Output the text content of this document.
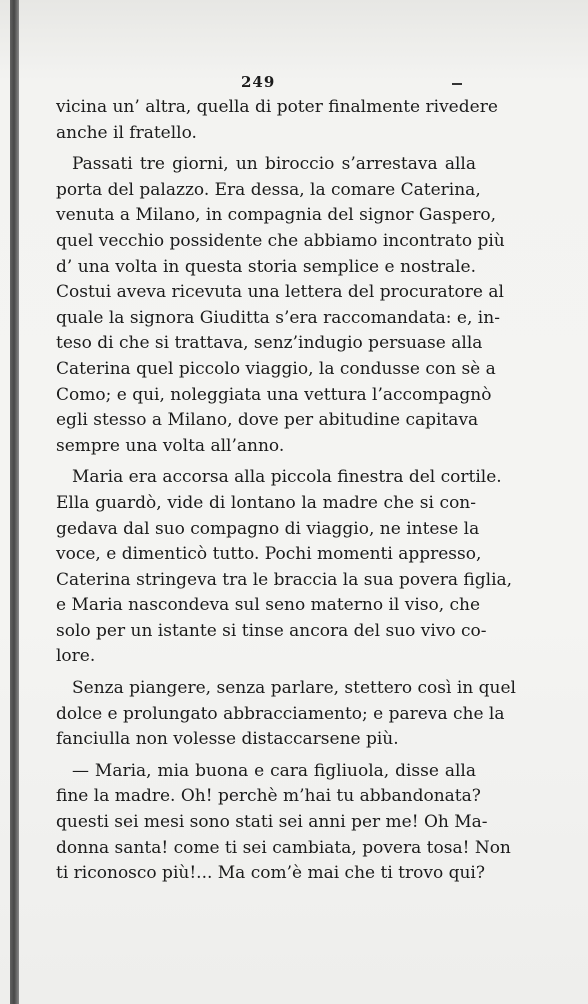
249
vicina un’ altra, quella di poter finalmente rivedere
anche il fratello.
Passati tre giorni, un biroccio s’arrestava alla
porta del palazzo. Era dessa, la comare Caterina,
venuta a Milano, in compagnia del signor Gaspero,
quel vecchio possidente che abbiamo incontrato più
d’ una volta in questa storia semplice e nostrale.
Costui aveva ricevuta una lettera del procuratore al
quale la signora Giuditta s’era raccomandata: e, in-
teso di che si trattava, senz’indugio persuase alla
Caterina quel piccolo viaggio, la condusse con sè a
Como; e qui, noleggiata una vettura l’accompagnò
egli stesso a Milano, dove per abitudine capitava
sempre una volta all’anno.
Maria era accorsa alla piccola finestra del cortile.
Ella guardò, vide di lontano la madre che si con-
gedava dal suo compagno di viaggio, ne intese la
voce, e dimenticò tutto. Pochi momenti appresso,
Caterina stringeva tra le braccia la sua povera figlia,
e Maria nascondeva sul seno materno il viso, che
solo per un istante si tinse ancora del suo vivo co-
lore.
Senza piangere, senza parlare, stettero così in quel
dolce e prolungato abbracciamento; e pareva che la
fanciulla non volesse distaccarsene più.
— Maria, mia buona e cara figliuola, disse alla
fine la madre. Oh! perchè m’hai tu abbandonata?
questi sei mesi sono stati sei anni per me! Oh Ma-
donna santa! come ti sei cambiata, povera tosa! Non
ti riconosco più!... Ma com’è mai che ti trovo qui?
